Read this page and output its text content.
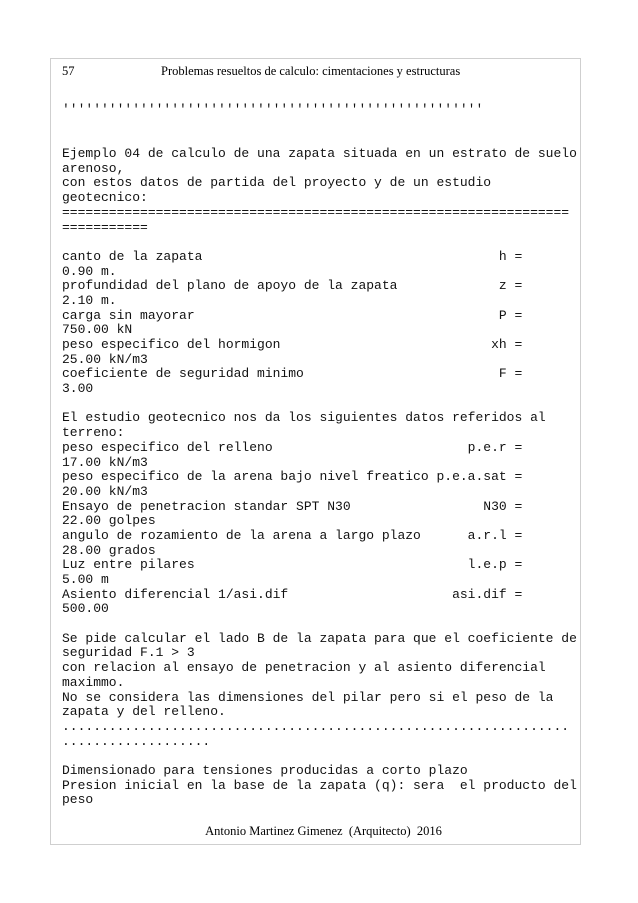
57	Problemas resueltos de calculo: cimentaciones y estructuras
''''''''''''''''''''''''''''''''''''''''''''''''''''''
Ejemplo 04 de calculo de una zapata situada en un estrato de suelo
arenoso,
con estos datos de partida del proyecto y de un estudio
geotecnico:
=================================================================
===========
canto de la zapata                                      h =
0.90 m.
profundidad del plano de apoyo de la zapata             z =
2.10 m.
carga sin mayorar                                       P =
750.00 kN
peso especifico del hormigon                           xh =
25.00 kN/m3
coeficiente de seguridad minimo                         F =
3.00
El estudio geotecnico nos da los siguientes datos referidos al
terreno:
peso especifico del relleno                         p.e.r =
17.00 kN/m3
peso especifico de la arena bajo nivel freatico p.e.a.sat =
20.00 kN/m3
Ensayo de penetracion standar SPT N30                 N30 =
22.00 golpes
angulo de rozamiento de la arena a largo plazo      a.r.l =
28.00 grados
Luz entre pilares                                   l.e.p =
5.00 m
Asiento diferencial 1/asi.dif                     asi.dif =
500.00
Se pide calcular el lado B de la zapata para que el coeficiente de
seguridad F.1 > 3
con relacion al ensayo de penetracion y al asiento diferencial
maximmo.
No se considera las dimensiones del pilar pero si el peso de la
zapata y del relleno.
.................................................................
...................
Dimensionado para tensiones producidas a corto plazo
Presion inicial en la base de la zapata (q): sera  el producto del
peso
Antonio Martinez Gimenez  (Arquitecto)  2016
